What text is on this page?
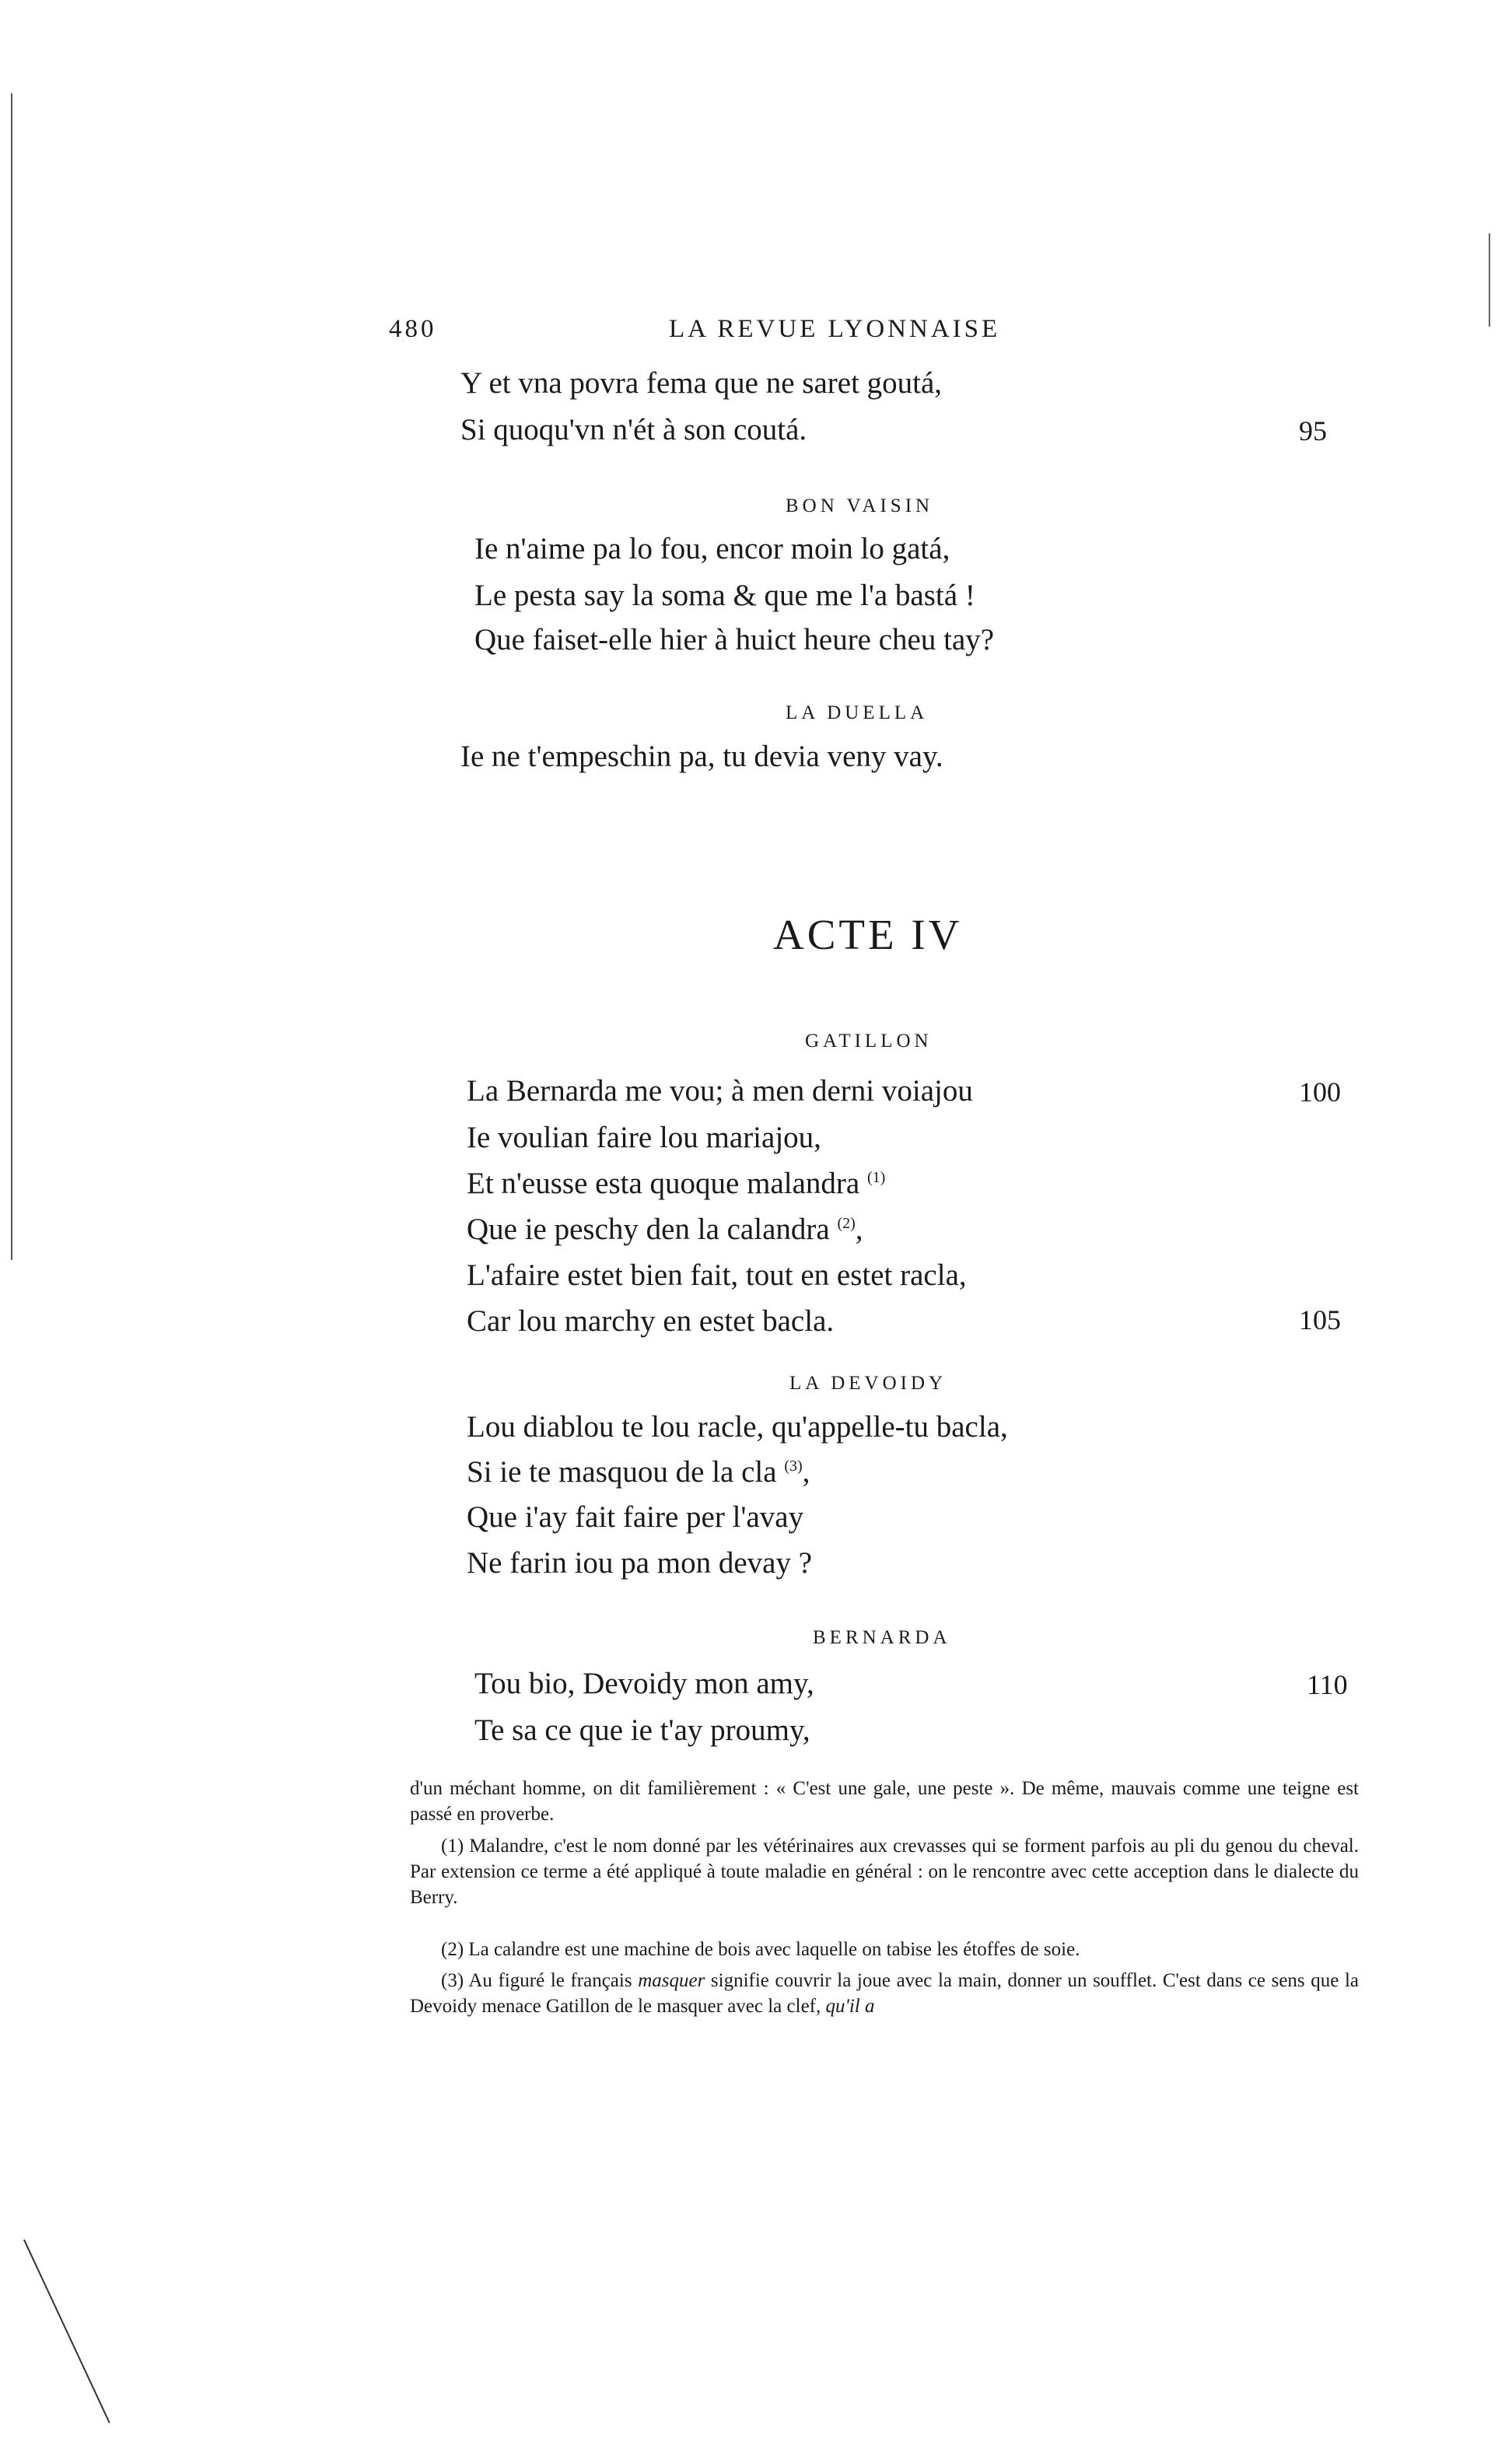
480	LA REVUE LYONNAISE
Y et vna povra fema que ne saret goutá,
Si quoqu'vn n'ét à son coutá.	95
BON VAISIN
Ie n'aime pa lo fou, encor moin lo gatá,
Le pesta say la soma & que me l'a bastá !
Que faiset-elle hier à huict heure cheu tay?
LA DUELLA
Ie ne t'empeschin pa, tu devia veny vay.
ACTE IV
GATILLON
La Bernarda me vou; à men derni voiajou	100
Ie voulian faire lou mariajou,
Et n'eusse esta quoque malandra $^{(1)}$
Que ie peschy den la calandra $^{(2)}$,
L'afaire estet bien fait, tout en estet racla,
Car lou marchy en estet bacla.	105
LA DEVOIDY
Lou diablou te lou racle, qu'appelle-tu bacla,
Si ie te masquou de la cla $^{(3)}$,
Que i'ay fait faire per l'avay
Ne farin iou pa mon devay ?
BERNARDA
Tou bio, Devoidy mon amy,	110
Te sa ce que ie t'ay proumy,
d'un méchant homme, on dit familièrement : « C'est une gale, une peste ». De même, mauvais comme une teigne est passé en proverbe.
(1) Malandre, c'est le nom donné par les vétérinaires aux crevasses qui se forment parfois au pli du genou du cheval. Par extension ce terme a été appliqué à toute maladie en général : on le rencontre avec cette acception dans le dialecte du Berry.
(2) La calandre est une machine de bois avec laquelle on tabise les étoffes de soie.
(3) Au figuré le français masquer signifie couvrir la joue avec la main, donner un soufflet. C'est dans ce sens que la Devoidy menace Gatillon de le masquer avec la clef, qu'il a
